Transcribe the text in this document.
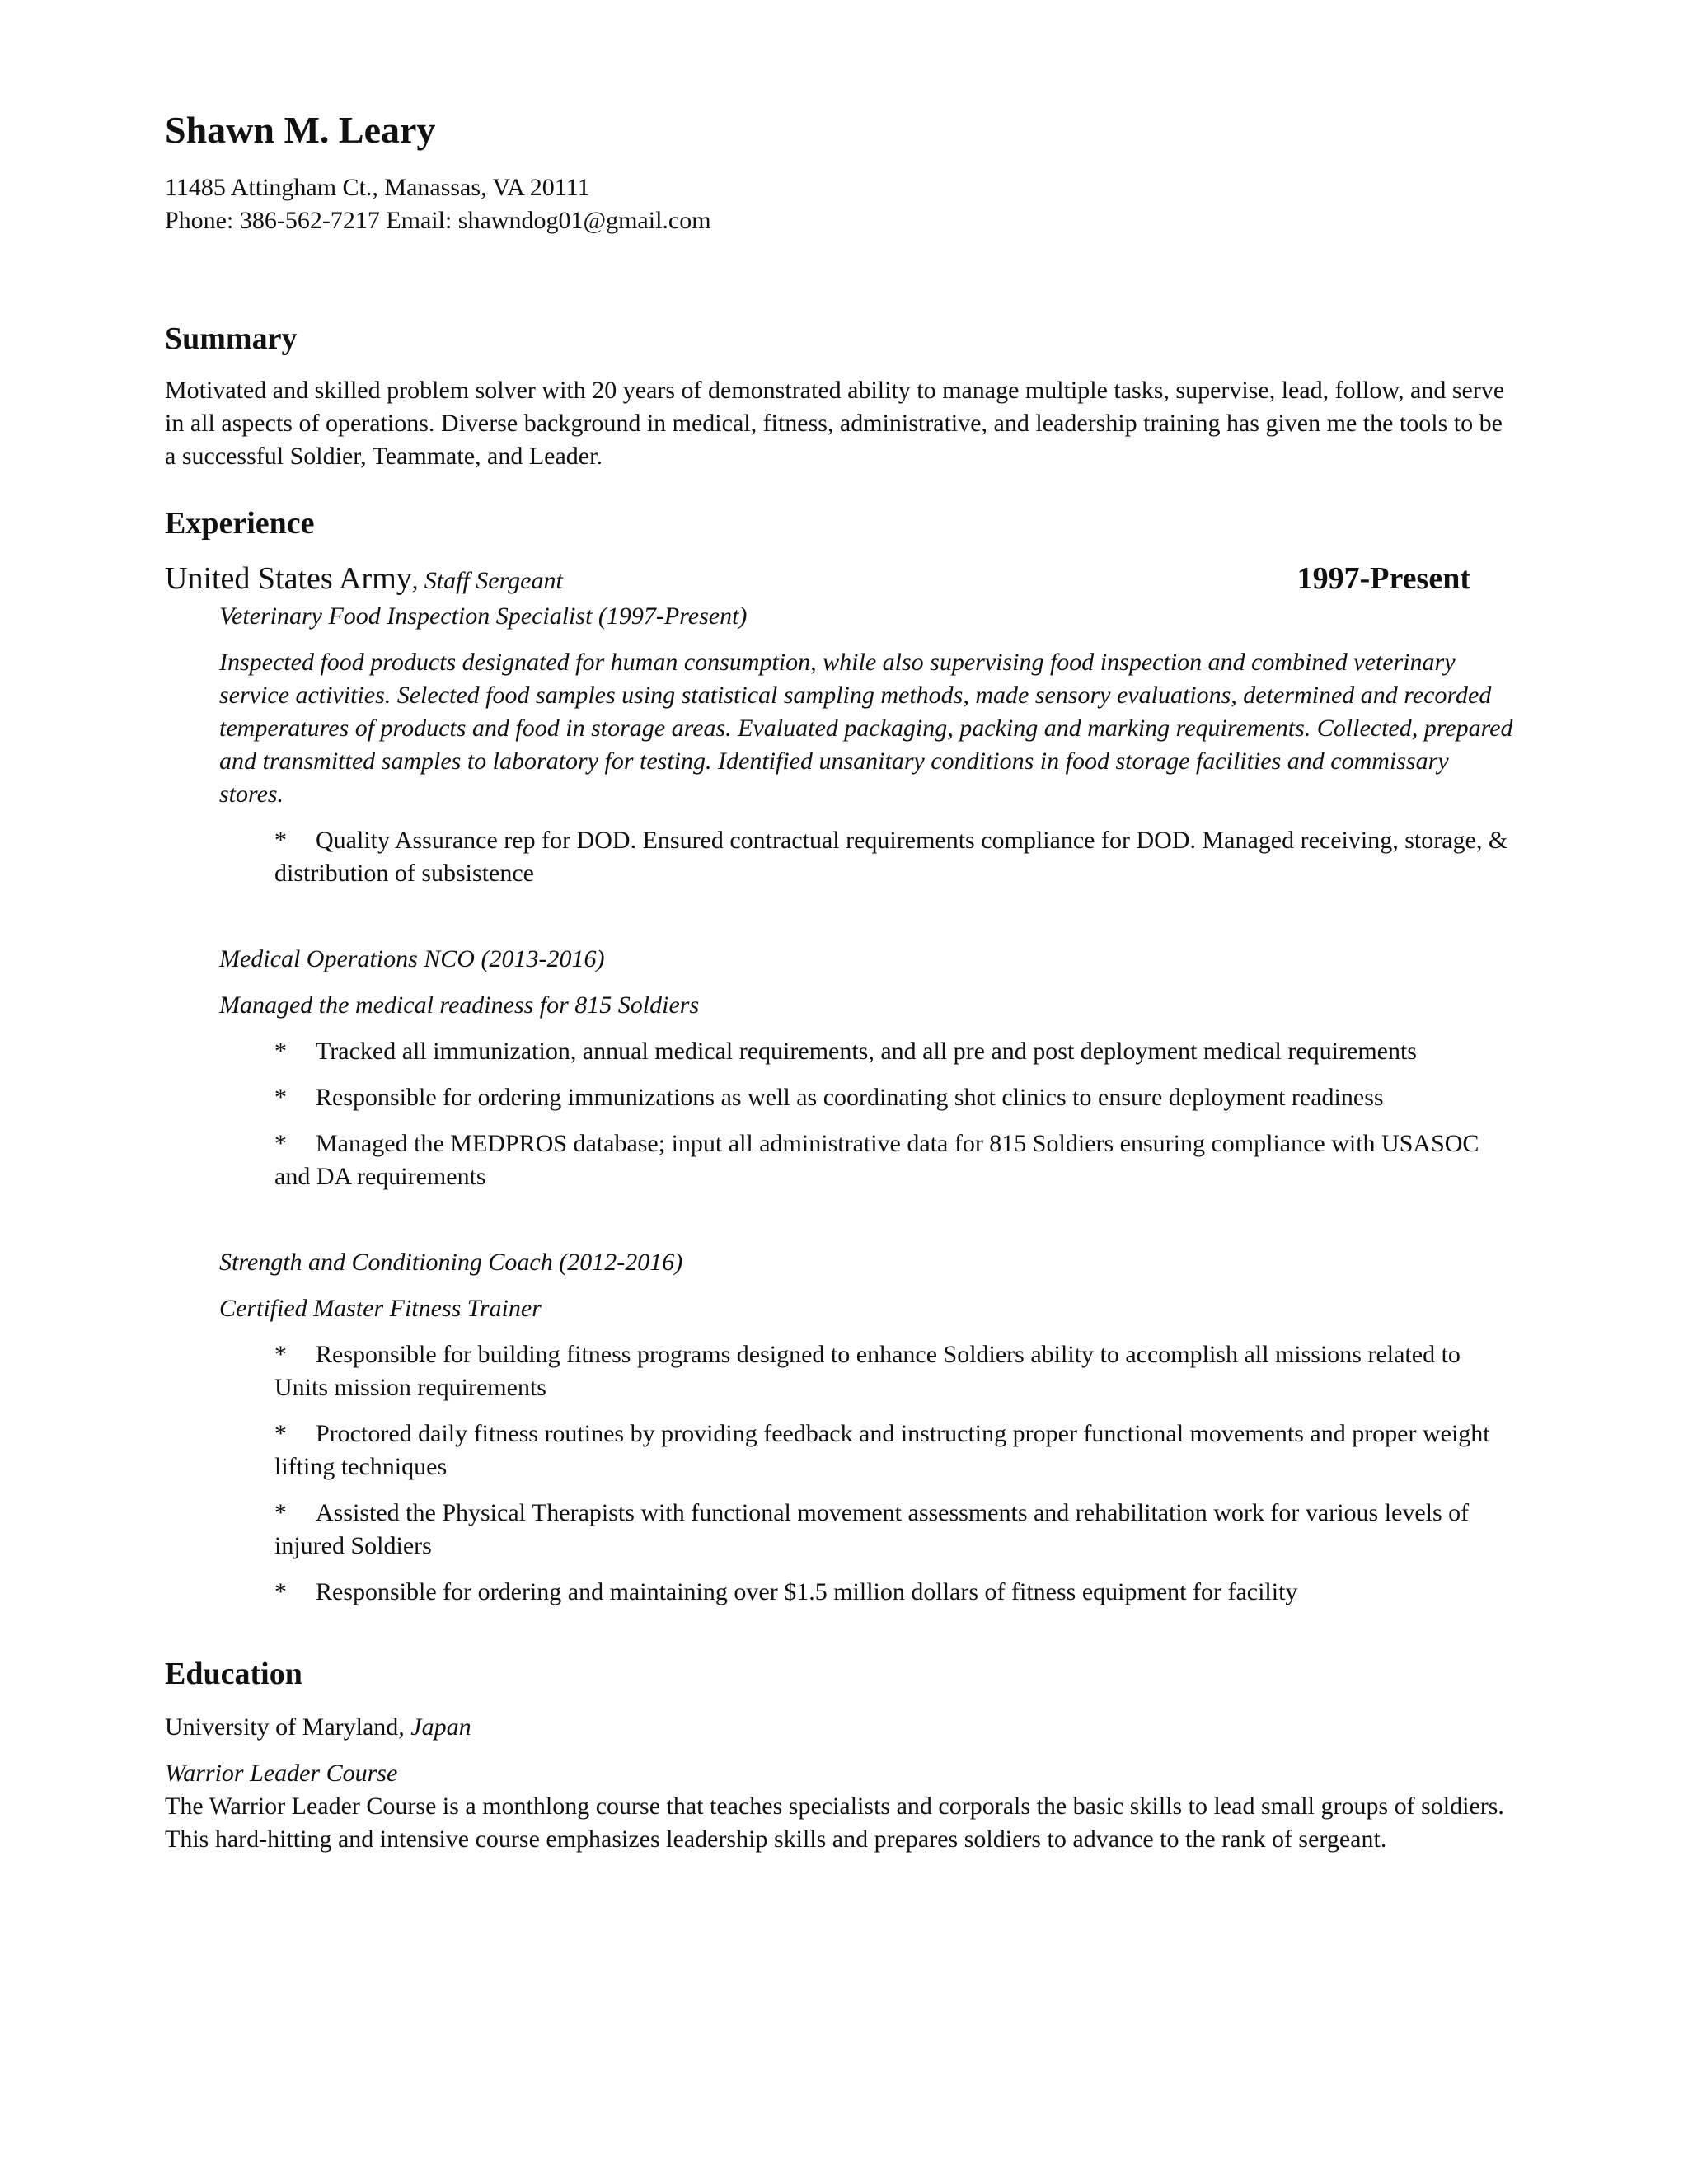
Shawn M. Leary
11485 Attingham Ct., Manassas, VA 20111
Phone: 386-562-7217 Email: shawndog01@gmail.com
Summary
Motivated and skilled problem solver with 20 years of demonstrated ability to manage multiple tasks, supervise, lead, follow, and serve in all aspects of operations. Diverse background in medical, fitness, administrative, and leadership training has given me the tools to be a successful Soldier, Teammate, and Leader.
Experience
United States Army, Staff Sergeant	1997-Present
Veterinary Food Inspection Specialist (1997-Present)
Inspected food products designated for human consumption, while also supervising food inspection and combined veterinary service activities. Selected food samples using statistical sampling methods, made sensory evaluations, determined and recorded temperatures of products and food in storage areas. Evaluated packaging, packing and marking requirements. Collected, prepared and transmitted samples to laboratory for testing. Identified unsanitary conditions in food storage facilities and commissary stores.
* Quality Assurance rep for DOD. Ensured contractual requirements compliance for DOD. Managed receiving, storage, & distribution of subsistence
Medical Operations NCO (2013-2016)
Managed the medical readiness for 815 Soldiers
* Tracked all immunization, annual medical requirements, and all pre and post deployment medical requirements
* Responsible for ordering immunizations as well as coordinating shot clinics to ensure deployment readiness
* Managed the MEDPROS database; input all administrative data for 815 Soldiers ensuring compliance with USASOC and DA requirements
Strength and Conditioning Coach (2012-2016)
Certified Master Fitness Trainer
* Responsible for building fitness programs designed to enhance Soldiers ability to accomplish all missions related to Units mission requirements
* Proctored daily fitness routines by providing feedback and instructing proper functional movements and proper weight lifting techniques
* Assisted the Physical Therapists with functional movement assessments and rehabilitation work for various levels of injured Soldiers
* Responsible for ordering and maintaining over $1.5 million dollars of fitness equipment for facility
Education
University of Maryland, Japan
Warrior Leader Course
The Warrior Leader Course is a monthlong course that teaches specialists and corporals the basic skills to lead small groups of soldiers. This hard-hitting and intensive course emphasizes leadership skills and prepares soldiers to advance to the rank of sergeant.
